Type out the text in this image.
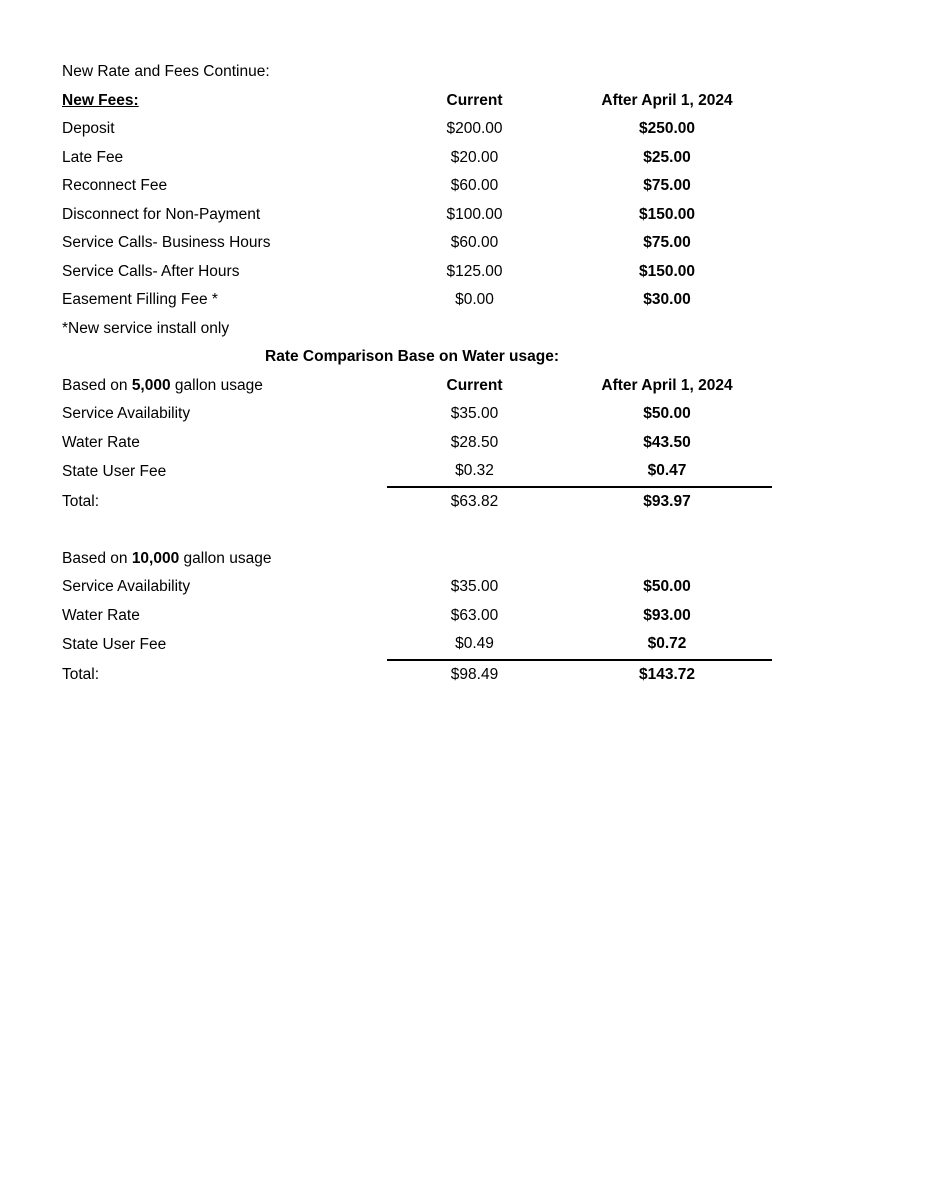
New Rate and Fees Continue:
New Fees:	Current	After April 1, 2024
Deposit	$200.00	$250.00
Late Fee	$20.00	$25.00
Reconnect Fee	$60.00	$75.00
Disconnect for Non-Payment	$100.00	$150.00
Service Calls- Business Hours	$60.00	$75.00
Service Calls- After Hours	$125.00	$150.00
Easement Filling Fee *	$0.00	$30.00
*New service install only		
Rate Comparison Base on Water usage:
Based on 5,000 gallon usage	Current	After April 1, 2024
Service Availability	$35.00	$50.00
Water Rate	$28.50	$43.50
State User Fee	$0.32	$0.47
Total:	$63.82	$93.97
Based on 10,000 gallon usage		
Service Availability	$35.00	$50.00
Water Rate	$63.00	$93.00
State User Fee	$0.49	$0.72
Total:	$98.49	$143.72
